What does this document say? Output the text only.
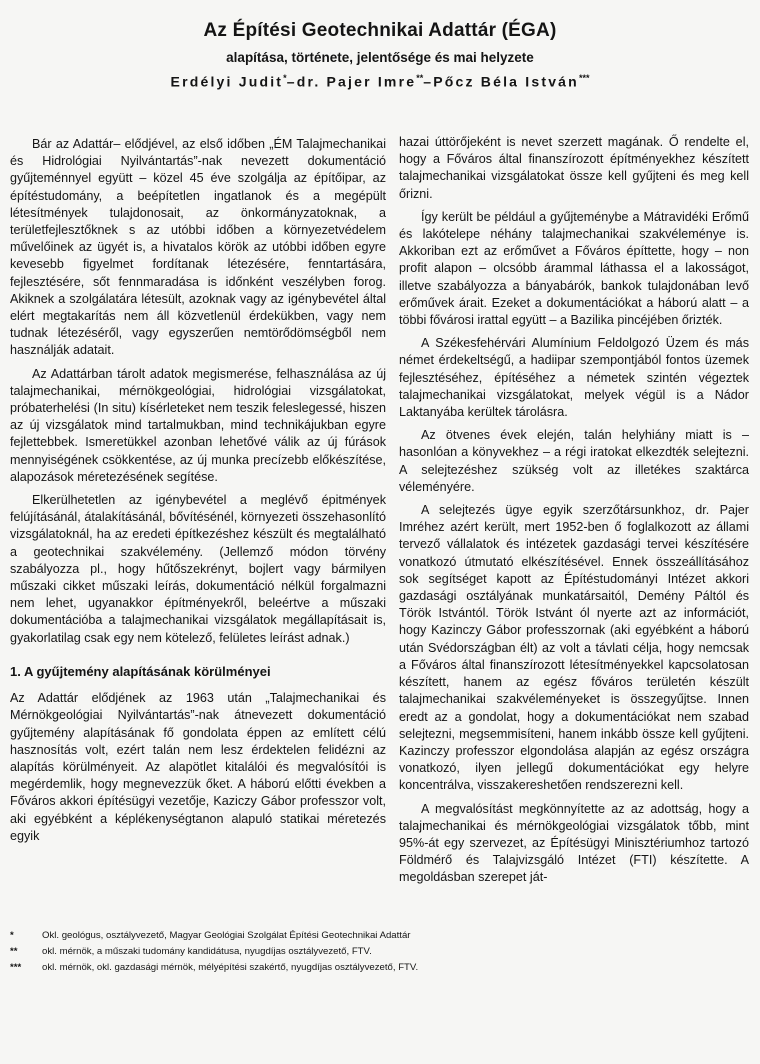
Az Építési Geotechnikai Adattár (ÉGA)
alapítása, története, jelentősége és mai helyzete
Erdélyi Judit*–dr. Pajer Imre**–Pőcz Béla István***

Bár az Adattár– elődjével, az első időben „ÉM Talajmechanikai és Hidrológiai Nyilvántartás”-nak nevezett dokumentáció gyűjteménnyel együtt – közel 45 éve szolgálja az építőipar, az építéstudomány, a beépítetlen ingatlanok és a megépült létesítmények tulajdonosait, az önkormányzatoknak, a területfejlesztőknek s az utóbbi időben a környezetvédelem művelőinek az ügyét is, a hivatalos körök az utóbbi időben egyre kevesebb figyelmet fordítanak létezésére, fenntartására, fejlesztésére, sőt fennmaradása is időnként veszélyben forog. Akiknek a szolgálatára létesült, azoknak vagy az igénybevétel által elért megtakarítás nem áll közvetlenül érdekükben, vagy nem tudnak létezéséről, vagy egyszerűen nemtörődömségből nem használják adatait.

Az Adattárban tárolt adatok megismerése, felhasználása az új talajmechanikai, mérnökgeológiai, hidrológiai vizsgálatokat, próbaterhelési (In situ) kísérleteket nem teszik feleslegessé, hiszen az új vizsgálatok mind tartalmukban, mind technikájukban egyre fejlettebbek. Ismeretükkel azonban lehetővé válik az új fúrások mennyiségének csökkentése, az új munka precízebb előkészítése, alapozások méretezésének segítése.

Elkerülhetetlen az igénybevétel a meglévő épitmények felújításánál, átalakításánál, bővítésénél, környezeti összehasonlító vizsgálatoknál, ha az eredeti építkezéshez készült és megtalálható a geotechnikai szakvélemény. (Jellemző módon törvény szabályozza pl., hogy hűtőszekrényt, bojlert vagy bármilyen műszaki cikket műszaki leírás, dokumentáció nélkül forgalmazni nem lehet, ugyanakkor építményekről, beleértve a műszaki dokumentációba a talajmechanikai vizsgálatok megállapításait is, gyakorlatilag csak egy nem kötelező, felületes leírást adnak.)

1. A gyűjtemény alapításának körülményei

Az Adattár elődjének az 1963 után „Talajmechanikai és Mérnökgeológiai Nyilvántartás”-nak átnevezett dokumentáció gyűjtemény alapításának fő gondolata éppen az említett célú hasznosítás volt, ezért talán nem lesz érdektelen felidézni az alapítás körülményeit. Az alapötlet kitalálói és megvalósítói is megérdemlik, hogy megnevezzük őket. A háború előtti években a Főváros akkori építésügyi vezetője, Kaziczy Gábor professzor volt, aki egyébként a képlékenységtanon alapuló statikai méretezés egyik

hazai úttörőjeként is nevet szerzett magának. Ő rendelte el, hogy a Főváros által finanszírozott építményekhez készített talajmechanikai vizsgálatokat össze kell gyűjteni és meg kell őrizni.

Így került be például a gyűjteménybe a Mátravidéki Erőmű és lakótelepe néhány talajmechanikai szakvéleménye is. Akkoriban ezt az erőművet a Főváros építtette, hogy – non profit alapon – olcsóbb árammal láthassa el a lakosságot, illetve szabályozza a bányabárók, bankok tulajdonában levő erőművek árait. Ezeket a dokumentációkat a háború alatt – a többi fővárosi irattal együtt – a Bazilika pincéjében őrizték.

A Székesfehérvári Alumínium Feldolgozó Üzem és más német érdekeltségű, a hadiipar szempontjából fontos üzemek fejlesztéséhez, építéséhez a németek szintén végeztek talajmechanikai vizsgálatokat, melyek végül is a Nádor Laktanyába kerültek tárolásra.

Az ötvenes évek elején, talán helyhiány miatt is – hasonlóan a könyvekhez – a régi iratokat elkezdték selejtezni. A selejtezéshez szükség volt az illetékes szaktárca véleményére.

A selejtezés ügye egyik szerzőtársunkhoz, dr. Pajer Imréhez azért került, mert 1952-ben ő foglalkozott az állami tervező vállalatok és intézetek gazdasági tervei készítésére vonatkozó útmutató elkészítésével. Ennek összeállításához sok segítséget kapott az Építéstudományi Intézet akkori gazdasági osztályának munkatársaitól, Demény Páltól és Török Istvántól. Török Istvánt ól nyerte azt az információt, hogy Kazinczy Gábor professzornak (aki egyébként a háború után Svédországban élt) az volt a távlati célja, hogy nemcsak a Főváros által finanszírozott létesítményekkel kapcsolatosan készített, hanem az egész főváros területén készült talajmechanikai szakvéleményeket is összegyűjtse. Innen eredt az a gondolat, hogy a dokumentációkat nem szabad selejtezni, megsemmisíteni, hanem inkább össze kell gyűjteni. Kazinczy professzor elgondolása alapján az egész országra vonatkozó, ilyen jellegű dokumentációkat egy helyre koncentrálva, visszakereshetően rendszerezni kell.

A megvalósítást megkönnyítette az az adottság, hogy a talajmechanikai és mérnökgeológiai vizsgálatok tőbb, mint 95%-át egy szervezet, az Építésügyi Minisztériumhoz tartozó Földmérő és Talajvizsgáló Intézet (FTI) készítette. A megoldásban szerepet ját-

*	Okl. geológus, osztályvezető, Magyar Geológiai Szolgálat Építési Geotechnikai Adattár
**	okl. mérnök, a műszaki tudomány kandidátusa, nyugdíjas osztályvezető, FTV.
***	okl. mérnök, okl. gazdasági mérnök, mélyépítési szakértő, nyugdíjas osztályvezető, FTV.
